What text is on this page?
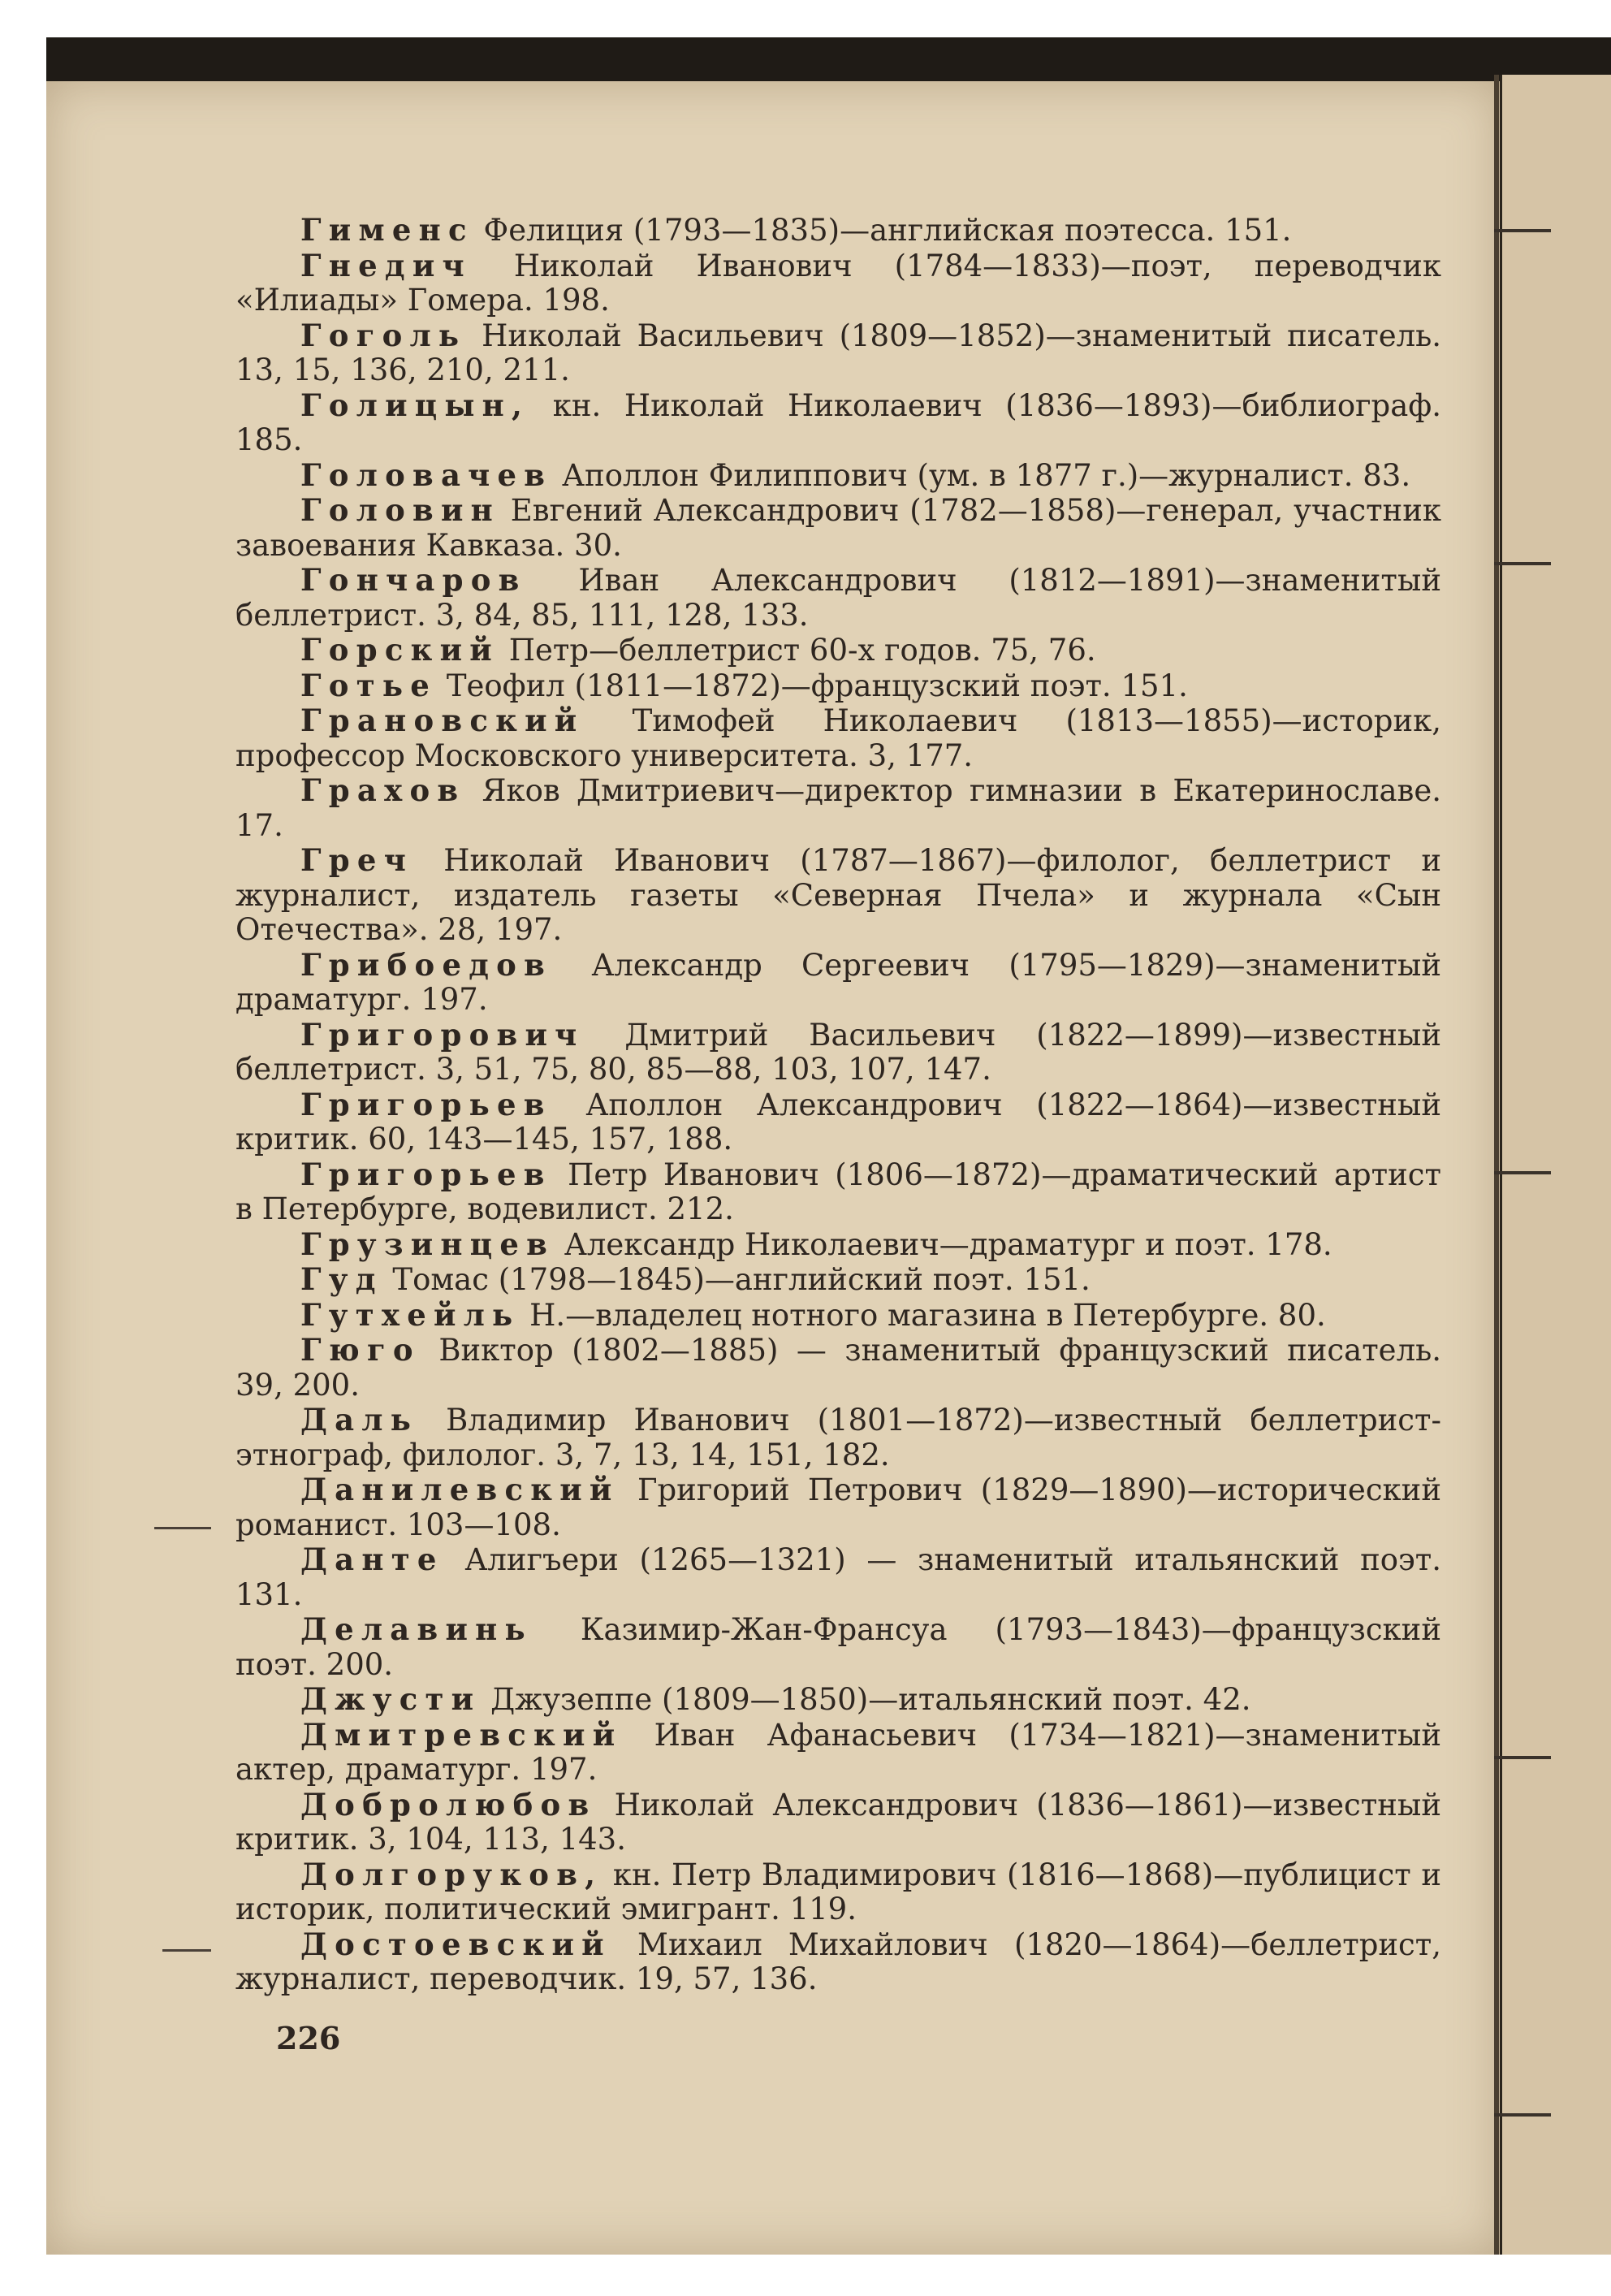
Гименс Фелиция (1793—1835)—английская поэтесса. 151.

Гнедич Николай Иванович (1784—1833)—поэт, переводчик «Илиады» Гомера. 198.

Гоголь Николай Васильевич (1809—1852)—знаменитый писатель. 13, 15, 136, 210, 211.

Голицын, кн. Николай Николаевич (1836—1893)—библиограф. 185.

Головачев Аполлон Филиппович (ум. в 1877 г.)—журналист. 83.

Головин Евгений Александрович (1782—1858)—генерал, участник завоевания Кавказа. 30.

Гончаров Иван Александрович (1812—1891)—знаменитый беллетрист. 3, 84, 85, 111, 128, 133.

Горский Петр—беллетрист 60-х годов. 75, 76.

Готье Теофил (1811—1872)—французский поэт. 151.

Грановский Тимофей Николаевич (1813—1855)—историк, профессор Московского университета. 3, 177.

Грахов Яков Дмитриевич—директор гимназии в Екатеринославе. 17.

Греч Николай Иванович (1787—1867)—филолог, беллетрист и журналист, издатель газеты «Северная Пчела» и журнала «Сын Отечества». 28, 197.

Грибоедов Александр Сергеевич (1795—1829)—знаменитый драматург. 197.

Григорович Дмитрий Васильевич (1822—1899)—известный беллетрист. 3, 51, 75, 80, 85—88, 103, 107, 147.

Григорьев Аполлон Александрович (1822—1864)—известный критик. 60, 143—145, 157, 188.

Григорьев Петр Иванович (1806—1872)—драматический артист в Петербурге, водевилист. 212.

Грузинцев Александр Николаевич—драматург и поэт. 178.

Гуд Томас (1798—1845)—английский поэт. 151.

Гутхейль Н.—владелец нотного магазина в Петербурге. 80.

Гюго Виктор (1802—1885) — знаменитый французский писатель. 39, 200.

Даль Владимир Иванович (1801—1872)—известный беллетрист-этнограф, филолог. 3, 7, 13, 14, 151, 182.

Данилевский Григорий Петрович (1829—1890)—исторический романист. 103—108.

Данте Алигъери (1265—1321) — знаменитый итальянский поэт. 131.

Делавинь Казимир-Жан-Франсуа (1793—1843)—французский поэт. 200.

Джусти Джузеппе (1809—1850)—итальянский поэт. 42.

Дмитревский Иван Афанасьевич (1734—1821)—знаменитый актер, драматург. 197.

Добролюбов Николай Александрович (1836—1861)—известный критик. 3, 104, 113, 143.

Долгоруков, кн. Петр Владимирович (1816—1868)—публицист и историк, политический эмигрант. 119.

Достоевский Михаил Михайлович (1820—1864)—беллетрист, журналист, переводчик. 19, 57, 136.

226
